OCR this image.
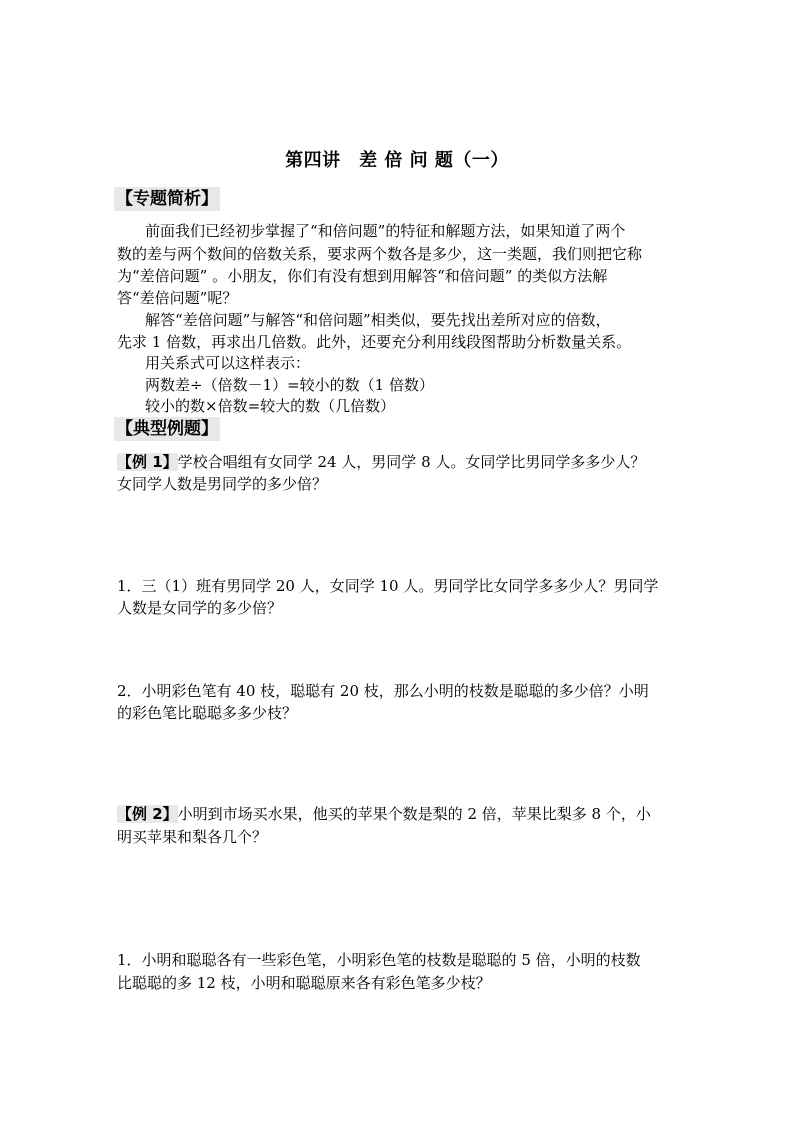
第四讲　差 倍 问 题（一）
【专题简析】
前面我们已经初步掌握了“和倍问题”的特征和解题方法，如果知道了两个
数的差与两个数间的倍数关系，要求两个数各是多少，这一类题，我们则把它称
为“差倍问题” 。小朋友，你们有没有想到用解答“和倍问题” 的类似方法解
答“差倍问题”呢？
解答“差倍问题”与解答“和倍问题”相类似，要先找出差所对应的倍数，
先求 1 倍数，再求出几倍数。此外，还要充分利用线段图帮助分析数量关系。
用关系式可以这样表示：
两数差÷（倍数－1）=较小的数（1 倍数）
较小的数×倍数=较大的数（几倍数）
【典型例题】
【例 1】学校合唱组有女同学 24 人，男同学 8 人。女同学比男同学多多少人？
女同学人数是男同学的多少倍？
1．三（1）班有男同学 20 人，女同学 10 人。男同学比女同学多多少人？男同学
人数是女同学的多少倍？
2．小明彩色笔有 40 枝，聪聪有 20 枝，那么小明的枝数是聪聪的多少倍？小明
的彩色笔比聪聪多多少枝？
【例 2】小明到市场买水果，他买的苹果个数是梨的 2 倍，苹果比梨多 8 个，小
明买苹果和梨各几个？
1．小明和聪聪各有一些彩色笔，小明彩色笔的枝数是聪聪的 5 倍，小明的枝数
比聪聪的多 12 枝，小明和聪聪原来各有彩色笔多少枝？
